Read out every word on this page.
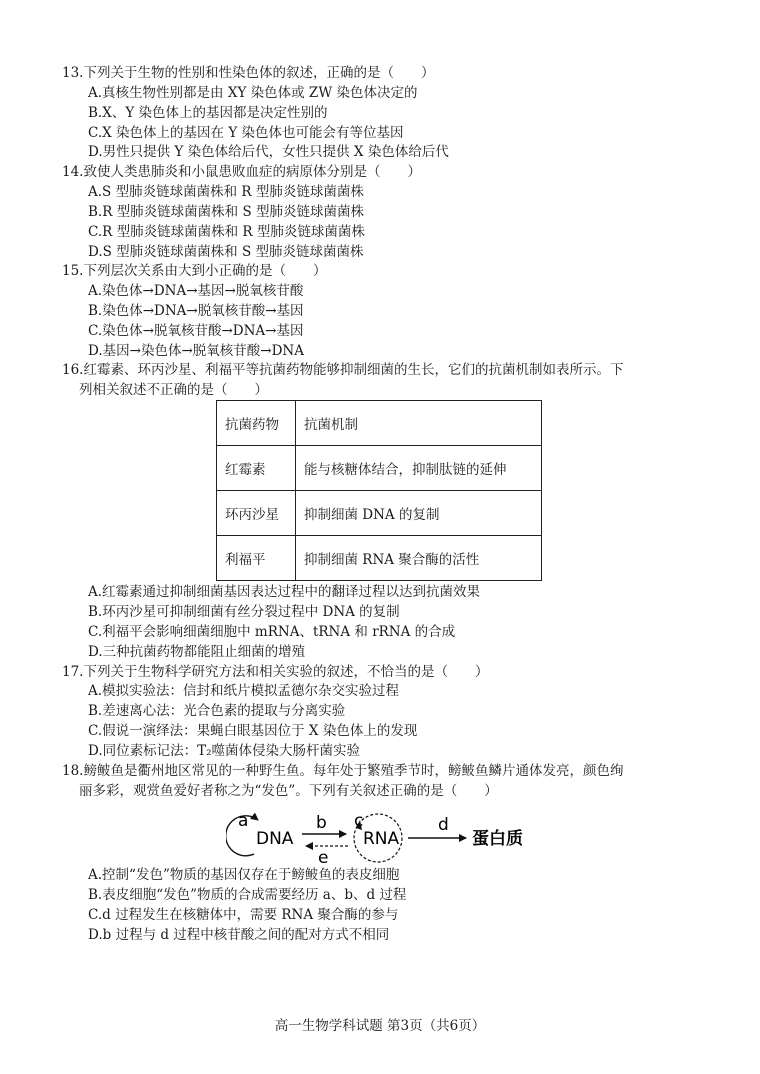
13.下列关于生物的性别和性染色体的叙述，正确的是（　　）
A.真核生物性别都是由 XY 染色体或 ZW 染色体决定的
B.X、Y 染色体上的基因都是决定性别的
C.X 染色体上的基因在 Y 染色体也可能会有等位基因
D.男性只提供 Y 染色体给后代，女性只提供 X 染色体给后代
14.致使人类患肺炎和小鼠患败血症的病原体分别是（　　）
A.S 型肺炎链球菌菌株和 R 型肺炎链球菌菌株
B.R 型肺炎链球菌菌株和 S 型肺炎链球菌菌株
C.R 型肺炎链球菌菌株和 R 型肺炎链球菌菌株
D.S 型肺炎链球菌菌株和 S 型肺炎链球菌菌株
15.下列层次关系由大到小正确的是（　　）
A.染色体→DNA→基因→脱氧核苷酸
B.染色体→DNA→脱氧核苷酸→基因
C.染色体→脱氧核苷酸→DNA→基因
D.基因→染色体→脱氧核苷酸→DNA
16.红霉素、环丙沙星、利福平等抗菌药物能够抑制细菌的生长，它们的抗菌机制如表所示。下
列相关叙述不正确的是（　　）
抗菌药物	抗菌机制
红霉素	能与核糖体结合，抑制肽链的延伸
环丙沙星	抑制细菌 DNA 的复制
利福平	抑制细菌 RNA 聚合酶的活性
A.红霉素通过抑制细菌基因表达过程中的翻译过程以达到抗菌效果
B.环丙沙星可抑制细菌有丝分裂过程中 DNA 的复制
C.利福平会影响细菌细胞中 mRNA、tRNA 和 rRNA 的合成
D.三种抗菌药物都能阻止细菌的增殖
17.下列关于生物科学研究方法和相关实验的叙述，不恰当的是（　　）
A.模拟实验法：信封和纸片模拟孟德尔杂交实验过程
B.差速离心法：光合色素的提取与分离实验
C.假说一演绎法：果蝇白眼基因位于 X 染色体上的发现
D.同位素标记法：T₂噬菌体侵染大肠杆菌实验
18.鳑鲏鱼是衢州地区常见的一种野生鱼。每年处于繁殖季节时，鳑鲏鱼鳞片通体发亮，颜色绚
丽多彩，观赏鱼爱好者称之为“发色”。下列有关叙述正确的是（　　）
a
DNA
b
e
c
RNA
d
蛋白质
A.控制“发色”物质的基因仅存在于鳑鲏鱼的表皮细胞
B.表皮细胞“发色”物质的合成需要经历 a、b、d 过程
C.d 过程发生在核糖体中，需要 RNA 聚合酶的参与
D.b 过程与 d 过程中核苷酸之间的配对方式不相同
高一生物学科试题 第3页（共6页）
